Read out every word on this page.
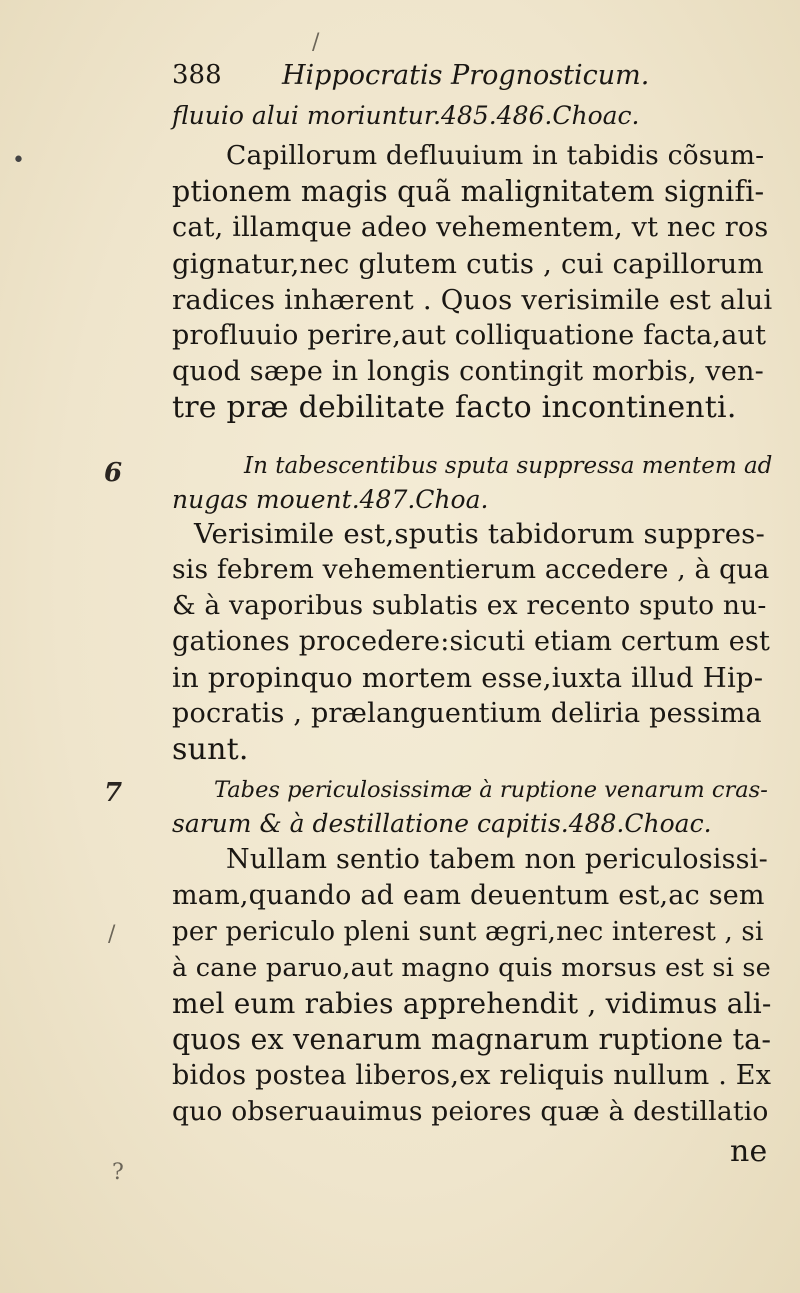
388 Hippocratis Prognosticum.
/
•
/
?
6
7
fluuio alui moriuntur.485.486.Choac.
Capillorum defluuium in tabidis cõsum-
ptionem magis quã malignitatem signifi-
cat, illamque adeo vehementem, vt nec ros
gignatur,nec glutem cutis , cui capillorum
radices inhærent . Quos verisimile est alui
profluuio perire,aut colliquatione facta,aut
quod sæpe in longis contingit morbis, ven-
tre præ debilitate facto incontinenti.
In tabescentibus sputa suppressa mentem ad
nugas mouent.487.Choa.
Verisimile est,sputis tabidorum suppres-
sis febrem vehementierum accedere , à qua
& à vaporibus sublatis ex recento sputo nu-
gationes procedere:sicuti etiam certum est
in propinquo mortem esse,iuxta illud Hip-
pocratis , prælanguentium deliria pessima
sunt.
Tabes periculosissimæ à ruptione venarum cras-
sarum & à destillatione capitis.488.Choac.
Nullam sentio tabem non periculosissi-
mam,quando ad eam deuentum est,ac sem
per periculo pleni sunt ægri,nec interest , si
à cane paruo,aut magno quis morsus est si se
mel eum rabies apprehendit , vidimus ali-
quos ex venarum magnarum ruptione ta-
bidos postea liberos,ex reliquis nullum . Ex
quo obseruauimus peiores quæ à destillatio
ne
